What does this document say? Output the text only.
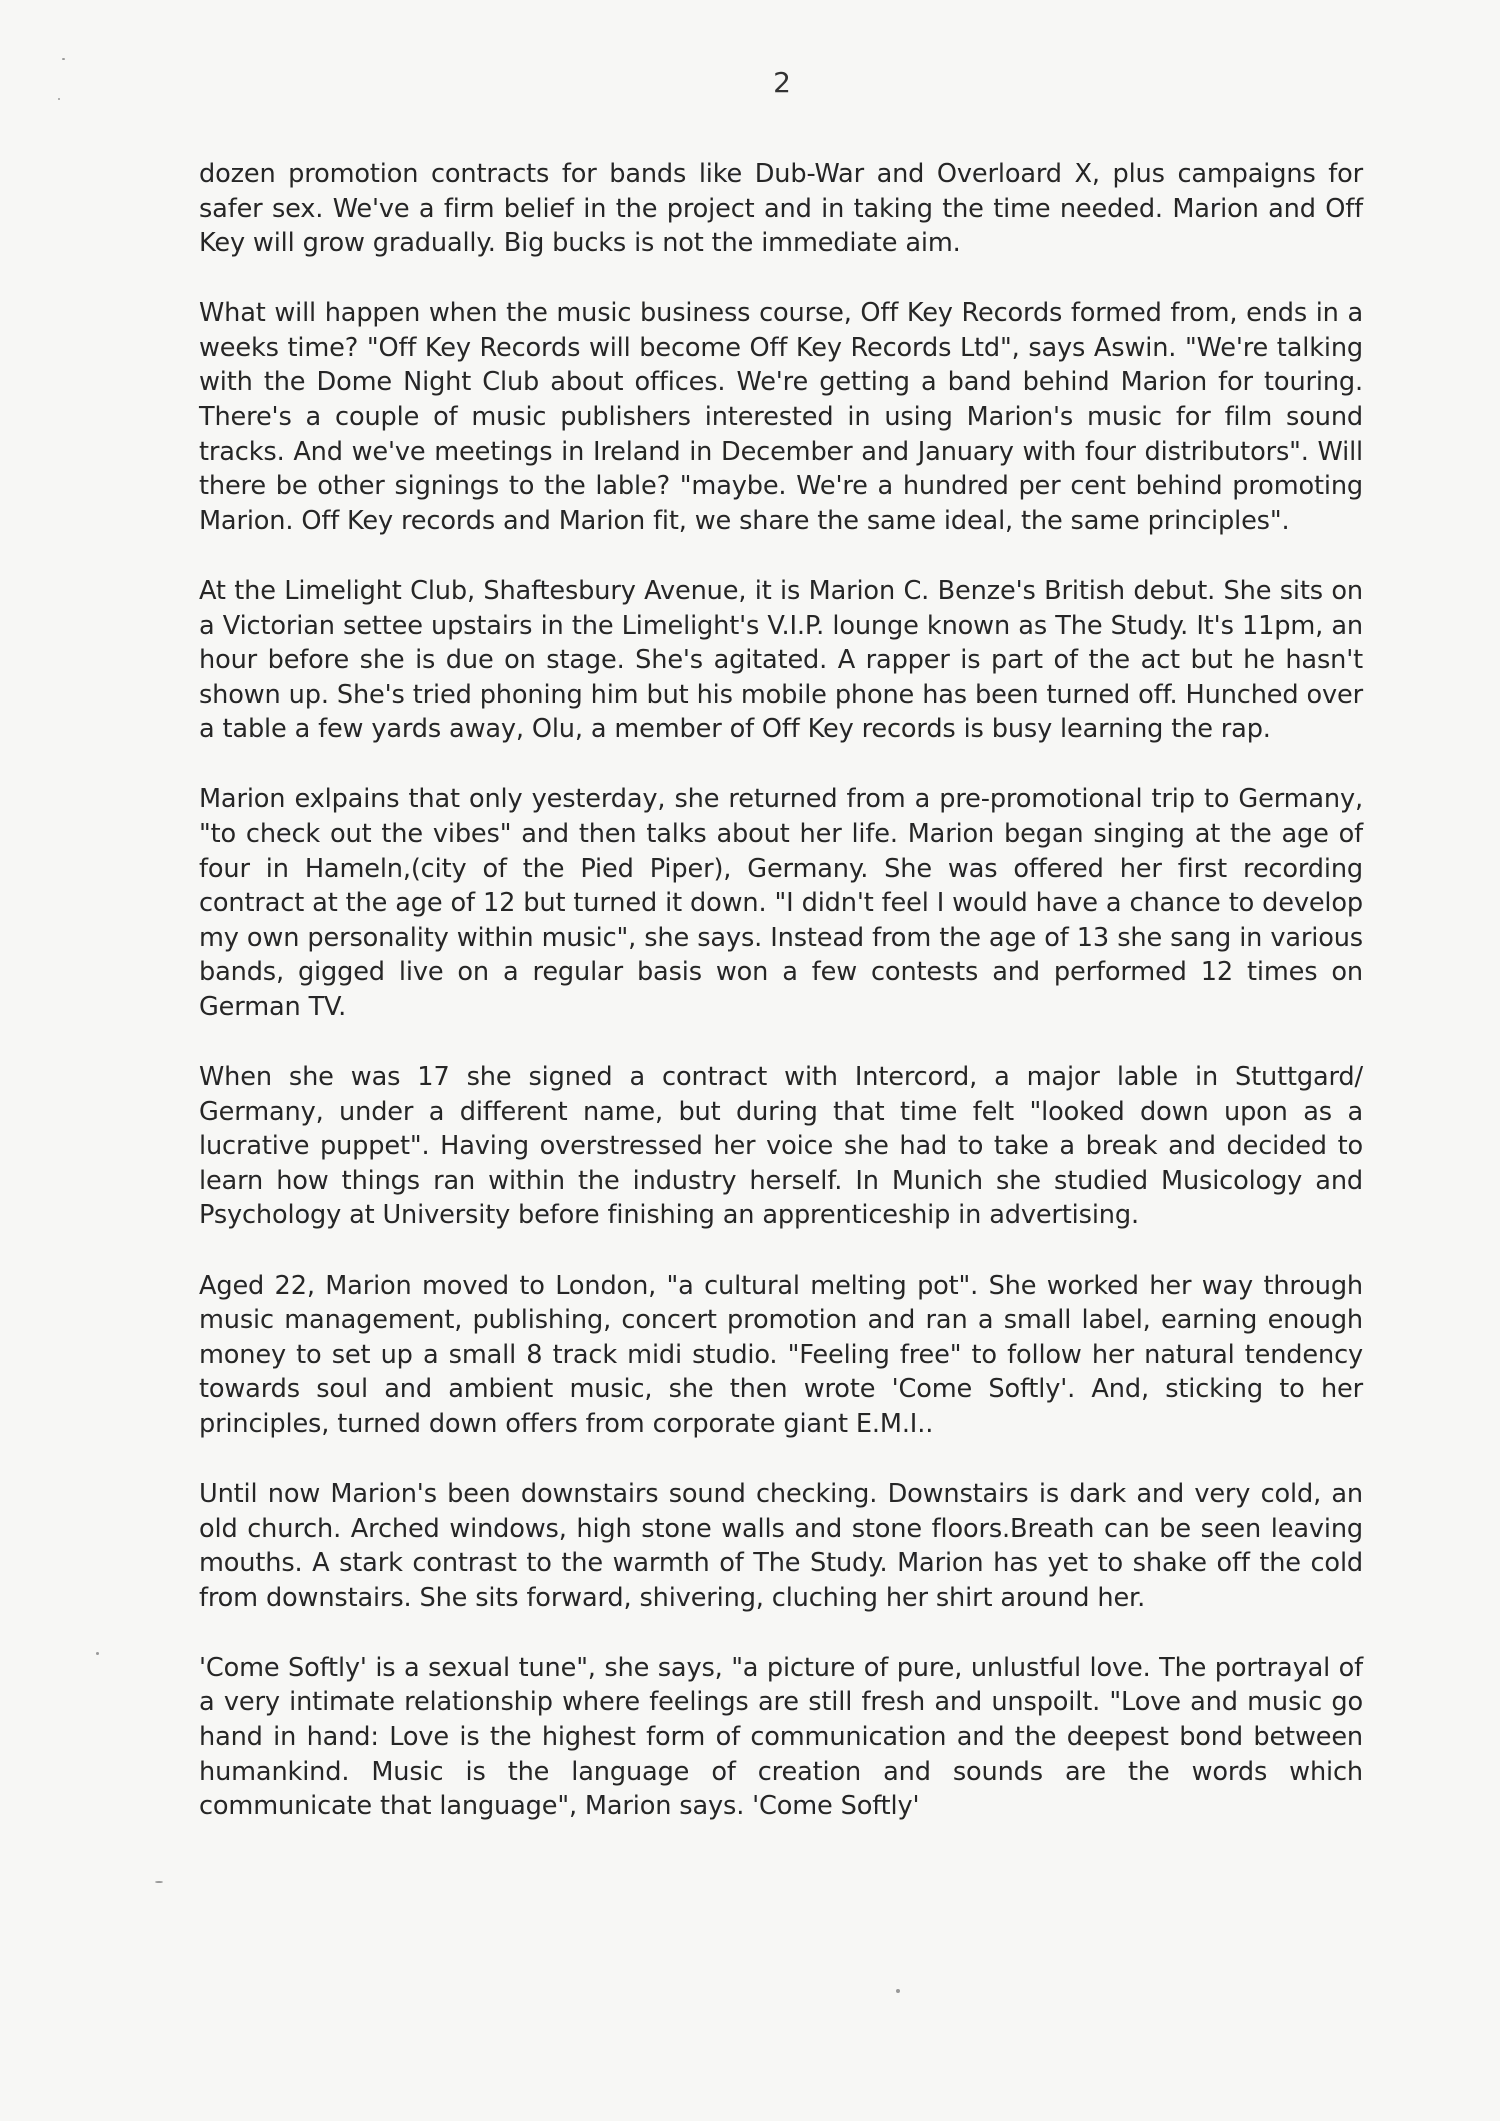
2

dozen promotion contracts for bands like Dub-War and Overloard X, plus campaigns for safer sex. We've a firm belief in the project and in taking the time needed. Marion and Off Key will grow gradually. Big bucks is not the immediate aim.

What will happen when the music business course, Off Key Records formed from, ends in a weeks time? "Off Key Records will become Off Key Records Ltd", says Aswin. "We're talking with the Dome Night Club about offices. We're getting a band behind Marion for touring. There's a couple of music publishers interested in using Marion's music for film sound tracks. And we've meetings in Ireland in December and January with four distributors". Will there be other signings to the lable? "maybe. We're a hundred per cent behind promoting Marion. Off Key records and Marion fit, we share the same ideal, the same principles".

At the Limelight Club, Shaftesbury Avenue, it is Marion C. Benze's British debut. She sits on a Victorian settee upstairs in the Limelight's V.I.P. lounge known as The Study. It's 11pm, an hour before she is due on stage. She's agitated. A rapper is part of the act but he hasn't shown up. She's tried phoning him but his mobile phone has been turned off. Hunched over a table a few yards away, Olu, a member of Off Key records is busy learning the rap.

Marion exlpains that only yesterday, she returned from a pre-promotional trip to Germany, "to check out the vibes" and then talks about her life. Marion began singing at the age of four in Hameln,(city of the Pied Piper), Germany. She was offered her first recording contract at the age of 12 but turned it down. "I didn't feel I would have a chance to develop my own personality within music", she says. Instead from the age of 13 she sang in various bands, gigged live on a regular basis won a few contests and performed 12 times on German TV.

When she was 17 she signed a contract with Intercord, a major lable in Stuttgard/ Germany, under a different name, but during that time felt "looked down upon as a lucrative puppet". Having overstressed her voice she had to take a break and decided to learn how things ran within the industry herself. In Munich she studied Musicology and Psychology at University before finishing an apprenticeship in advertising.

Aged 22, Marion moved to London, "a cultural melting pot". She worked her way through music management, publishing, concert promotion and ran a small label, earning enough money to set up a small 8 track midi studio. "Feeling free" to follow her natural tendency towards soul and ambient music, she then wrote 'Come Softly'. And, sticking to her principles, turned down offers from corporate giant E.M.I..

Until now Marion's been downstairs sound checking. Downstairs is dark and very cold, an old church. Arched windows, high stone walls and stone floors.Breath can be seen leaving mouths. A stark contrast to the warmth of The Study. Marion has yet to shake off the cold from downstairs. She sits forward, shivering, cluching her shirt around her.

'Come Softly' is a sexual tune", she says, "a picture of pure, unlustful love. The portrayal of a very intimate relationship where feelings are still fresh and unspoilt. "Love and music go hand in hand: Love is the highest form of communication and the deepest bond between humankind. Music is the language of creation and sounds are the words which communicate that language", Marion says. 'Come Softly'
